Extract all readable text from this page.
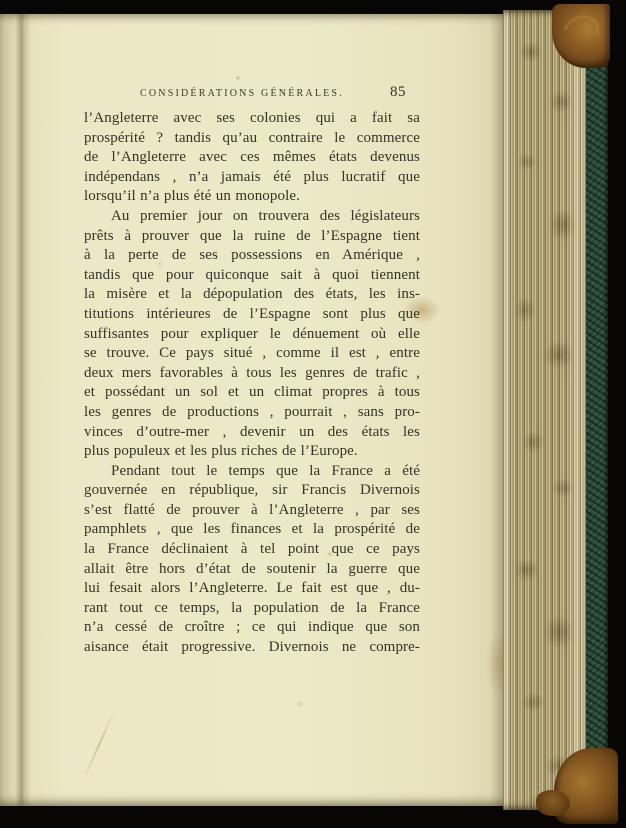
CONSIDÉRATIONS GÉNÉRALES.	85
l’Angleterre avec ses colonies qui a fait sa
prospérité ? tandis qu’au contraire le commerce
de l’Angleterre avec ces mêmes états devenus
indépendans , n’a jamais été plus lucratif que
lorsqu’il n’a plus été un monopole.
Au premier jour on trouvera des législateurs
prêts à prouver que la ruine de l’Espagne tient
à la perte de ses possessions en Amérique ,
tandis que pour quiconque sait à quoi tiennent
la misère et la dépopulation des états, les ins-
titutions intérieures de l’Espagne sont plus que
suffisantes pour expliquer le dénuement où elle
se trouve. Ce pays situé , comme il est , entre
deux mers favorables à tous les genres de trafic ,
et possédant un sol et un climat propres à tous
les genres de productions , pourrait , sans pro-
vinces d’outre-mer , devenir un des états les
plus populeux et les plus riches de l’Europe.
Pendant tout le temps que la France a été
gouvernée en république, sir Francis Divernois
s’est flatté de prouver à l’Angleterre , par ses
pamphlets , que les finances et la prospérité de
la France déclinaient à tel point que ce pays
allait être hors d’état de soutenir la guerre que
lui fesait alors l’Angleterre. Le fait est que , du-
rant tout ce temps, la population de la France
n’a cessé de croître ; ce qui indique que son
aisance était progressive. Divernois ne compre-
